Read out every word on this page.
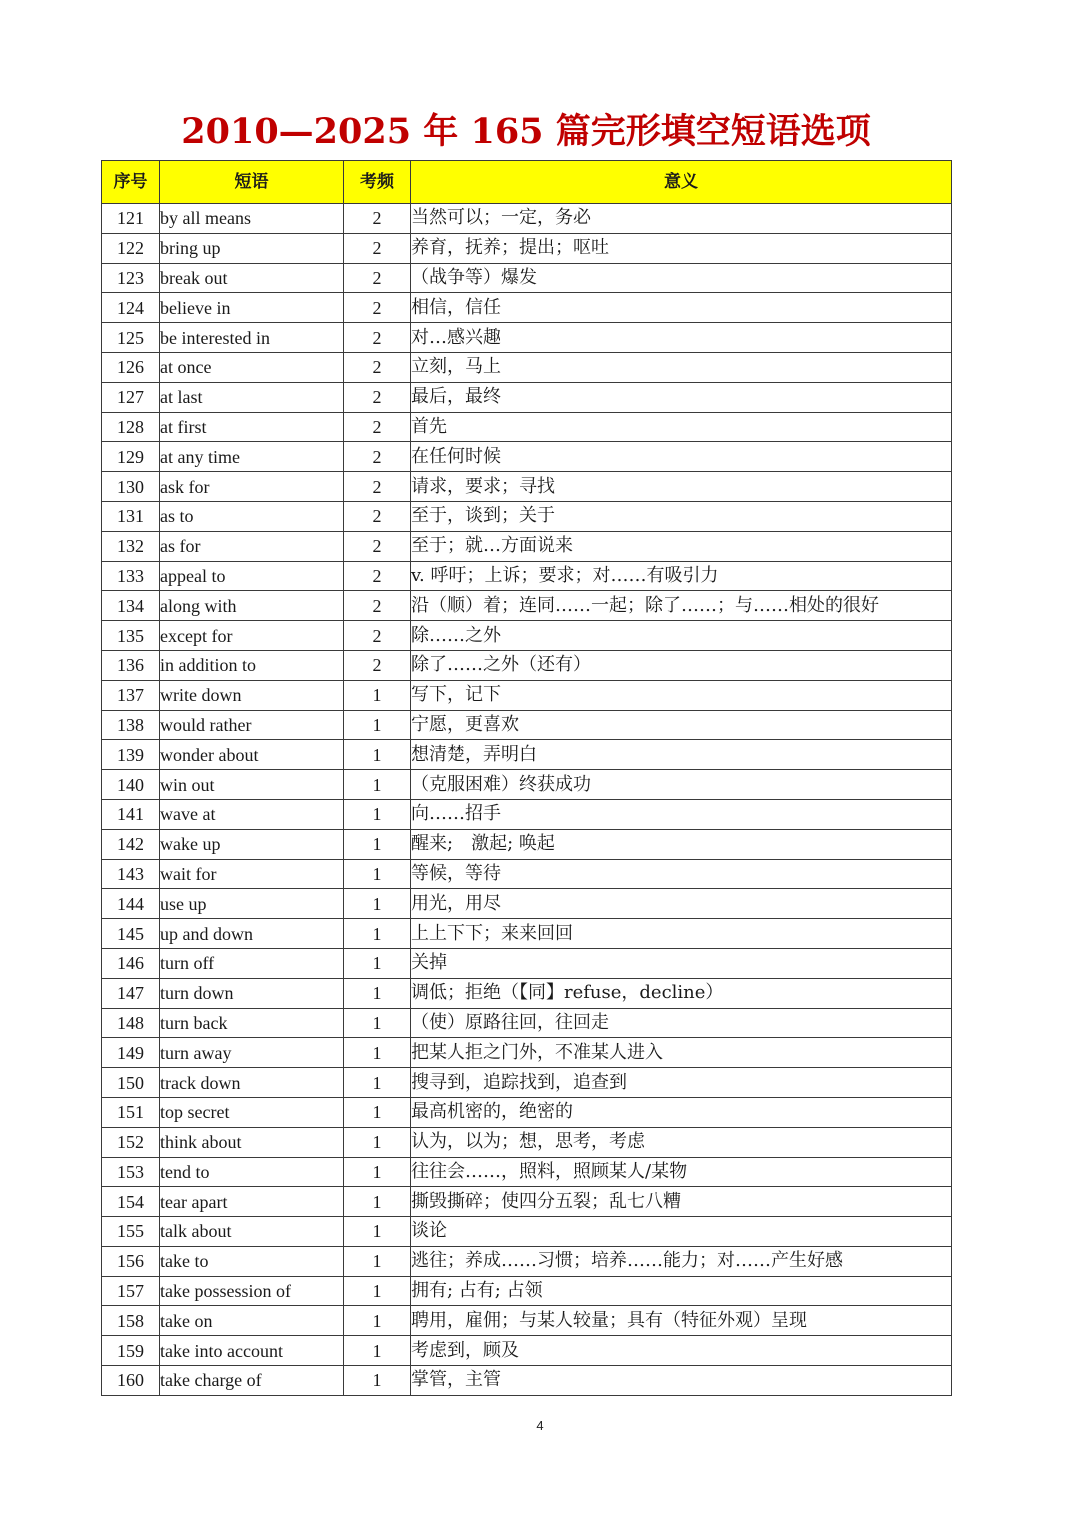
2010—2025 年 165 篇完形填空短语选项
序号	短语	考频	意义
121	by all means	2	当然可以；一定，务必
122	bring up	2	养育，抚养；提出；呕吐
123	break out	2	（战争等）爆发
124	believe in	2	相信，信任
125	be interested in	2	对…感兴趣
126	at once	2	立刻，马上
127	at last	2	最后，最终
128	at first	2	首先
129	at any time	2	在任何时候
130	ask for	2	请求，要求；寻找
131	as to	2	至于，谈到；关于
132	as for	2	至于；就…方面说来
133	appeal to	2	v. 呼吁；上诉；要求；对……有吸引力
134	along with	2	沿（顺）着；连同……一起；除了……；与……相处的很好
135	except for	2	除……之外
136	in addition to	2	除了……之外（还有）
137	write down	1	写下，记下
138	would rather	1	宁愿，更喜欢
139	wonder about	1	想清楚，弄明白
140	win out	1	（克服困难）终获成功
141	wave at	1	向……招手
142	wake up	1	醒来;　激起; 唤起
143	wait for	1	等候，等待
144	use up	1	用光，用尽
145	up and down	1	上上下下；来来回回
146	turn off	1	关掉
147	turn down	1	调低；拒绝（【同】refuse，decline）
148	turn back	1	（使）原路往回，往回走
149	turn away	1	把某人拒之门外，不准某人进入
150	track down	1	搜寻到，追踪找到，追查到
151	top secret	1	最高机密的，绝密的
152	think about	1	认为，以为；想，思考，考虑
153	tend to	1	往往会……，照料，照顾某人/某物
154	tear apart	1	撕毁撕碎；使四分五裂；乱七八糟
155	talk about	1	谈论
156	take to	1	逃往；养成……习惯；培养……能力；对……产生好感
157	take possession of	1	拥有; 占有; 占领
158	take on	1	聘用，雇佣；与某人较量；具有（特征外观）呈现
159	take into account	1	考虑到，顾及
160	take charge of	1	掌管，主管
4
